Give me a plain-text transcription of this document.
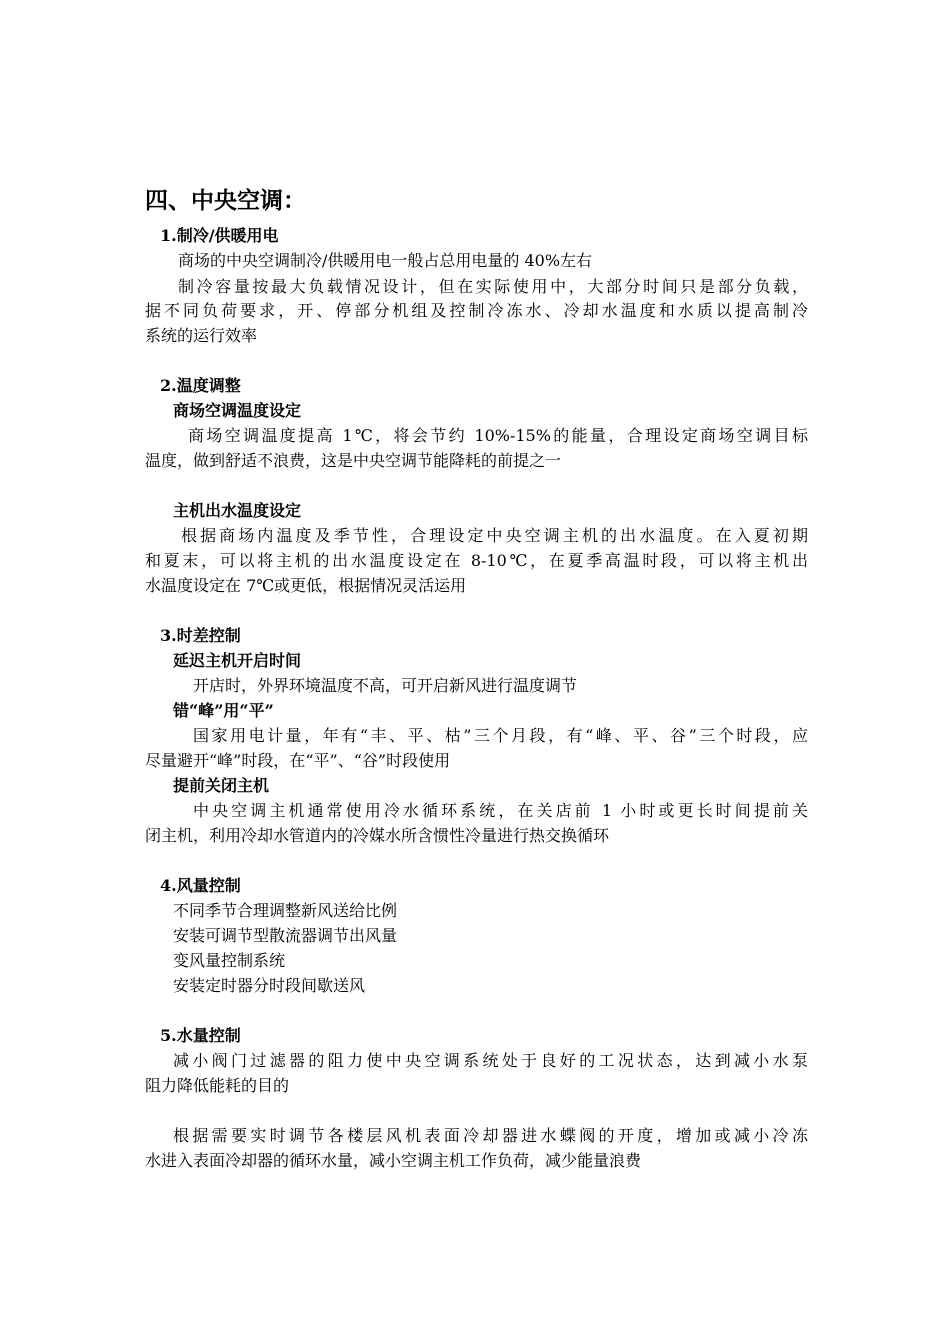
四、中央空调：
1.制冷/供暖用电
商场的中央空调制冷/供暖用电一般占总用电量的 40%左右
制冷容量按最大负载情况设计，但在实际使用中，大部分时间只是部分负载，
据不同负荷要求，开、停部分机组及控制冷冻水、冷却水温度和水质以提高制冷
系统的运行效率
2.温度调整
商场空调温度设定
商场空调温度提高 1℃，将会节约 10%-15%的能量，合理设定商场空调目标
温度，做到舒适不浪费，这是中央空调节能降耗的前提之一
主机出水温度设定
根据商场内温度及季节性，合理设定中央空调主机的出水温度。在入夏初期
和夏末，可以将主机的出水温度设定在 8-10℃，在夏季高温时段，可以将主机出
水温度设定在 7℃或更低，根据情况灵活运用
3.时差控制
延迟主机开启时间
开店时，外界环境温度不高，可开启新风进行温度调节
错“峰”用“平”
国家用电计量，年有“丰、平、枯”三个月段，有“峰、平、谷”三个时段，应
尽量避开“峰”时段，在“平”、“谷”时段使用
提前关闭主机
中央空调主机通常使用冷水循环系统，在关店前 1 小时或更长时间提前关
闭主机，利用冷却水管道内的冷媒水所含惯性冷量进行热交换循环
4.风量控制
不同季节合理调整新风送给比例
安装可调节型散流器调节出风量
变风量控制系统
安装定时器分时段间歇送风
5.水量控制
减小阀门过滤器的阻力使中央空调系统处于良好的工况状态，达到减小水泵
阻力降低能耗的目的
根据需要实时调节各楼层风机表面冷却器进水蝶阀的开度，增加或减小冷冻
水进入表面冷却器的循环水量，减小空调主机工作负荷，减少能量浪费
